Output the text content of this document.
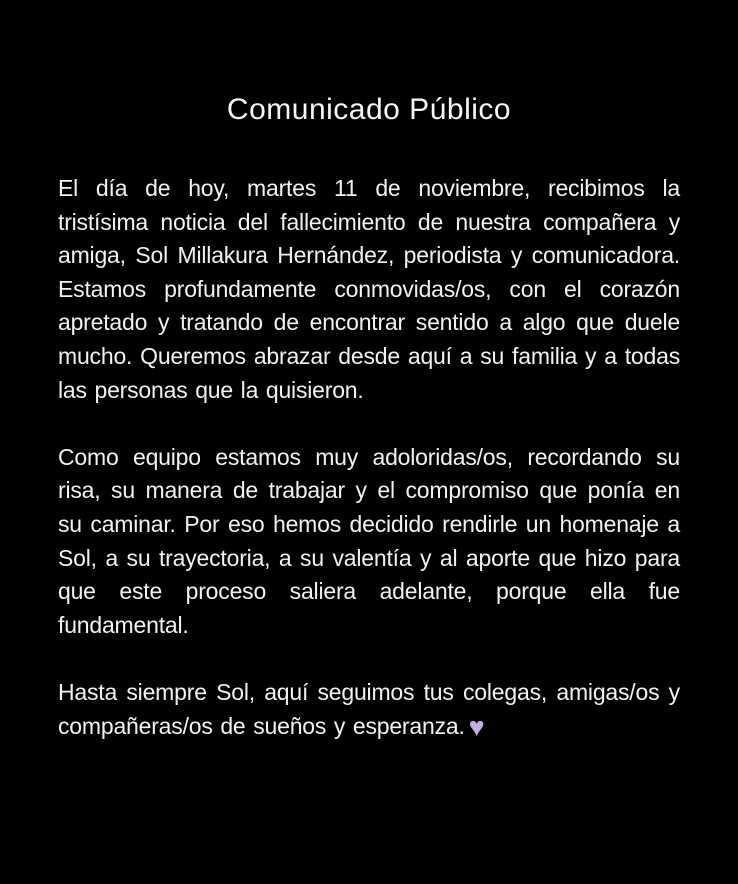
Comunicado Público

El día de hoy, martes 11 de noviembre, recibimos la tristísima noticia del fallecimiento de nuestra compañera y amiga, Sol Millakura Hernández, periodista y comunicadora. Estamos profundamente conmovidas/os, con el corazón apretado y tratando de encontrar sentido a algo que duele mucho. Queremos abrazar desde aquí a su familia y a todas las personas que la quisieron.

Como equipo estamos muy adoloridas/os, recordando su risa, su manera de trabajar y el compromiso que ponía en su caminar. Por eso hemos decidido rendirle un homenaje a Sol, a su trayectoria, a su valentía y al aporte que hizo para que este proceso saliera adelante, porque ella fue fundamental.

Hasta siempre Sol, aquí seguimos tus colegas, amigas/os y compañeras/os de sueños y esperanza. ♥
